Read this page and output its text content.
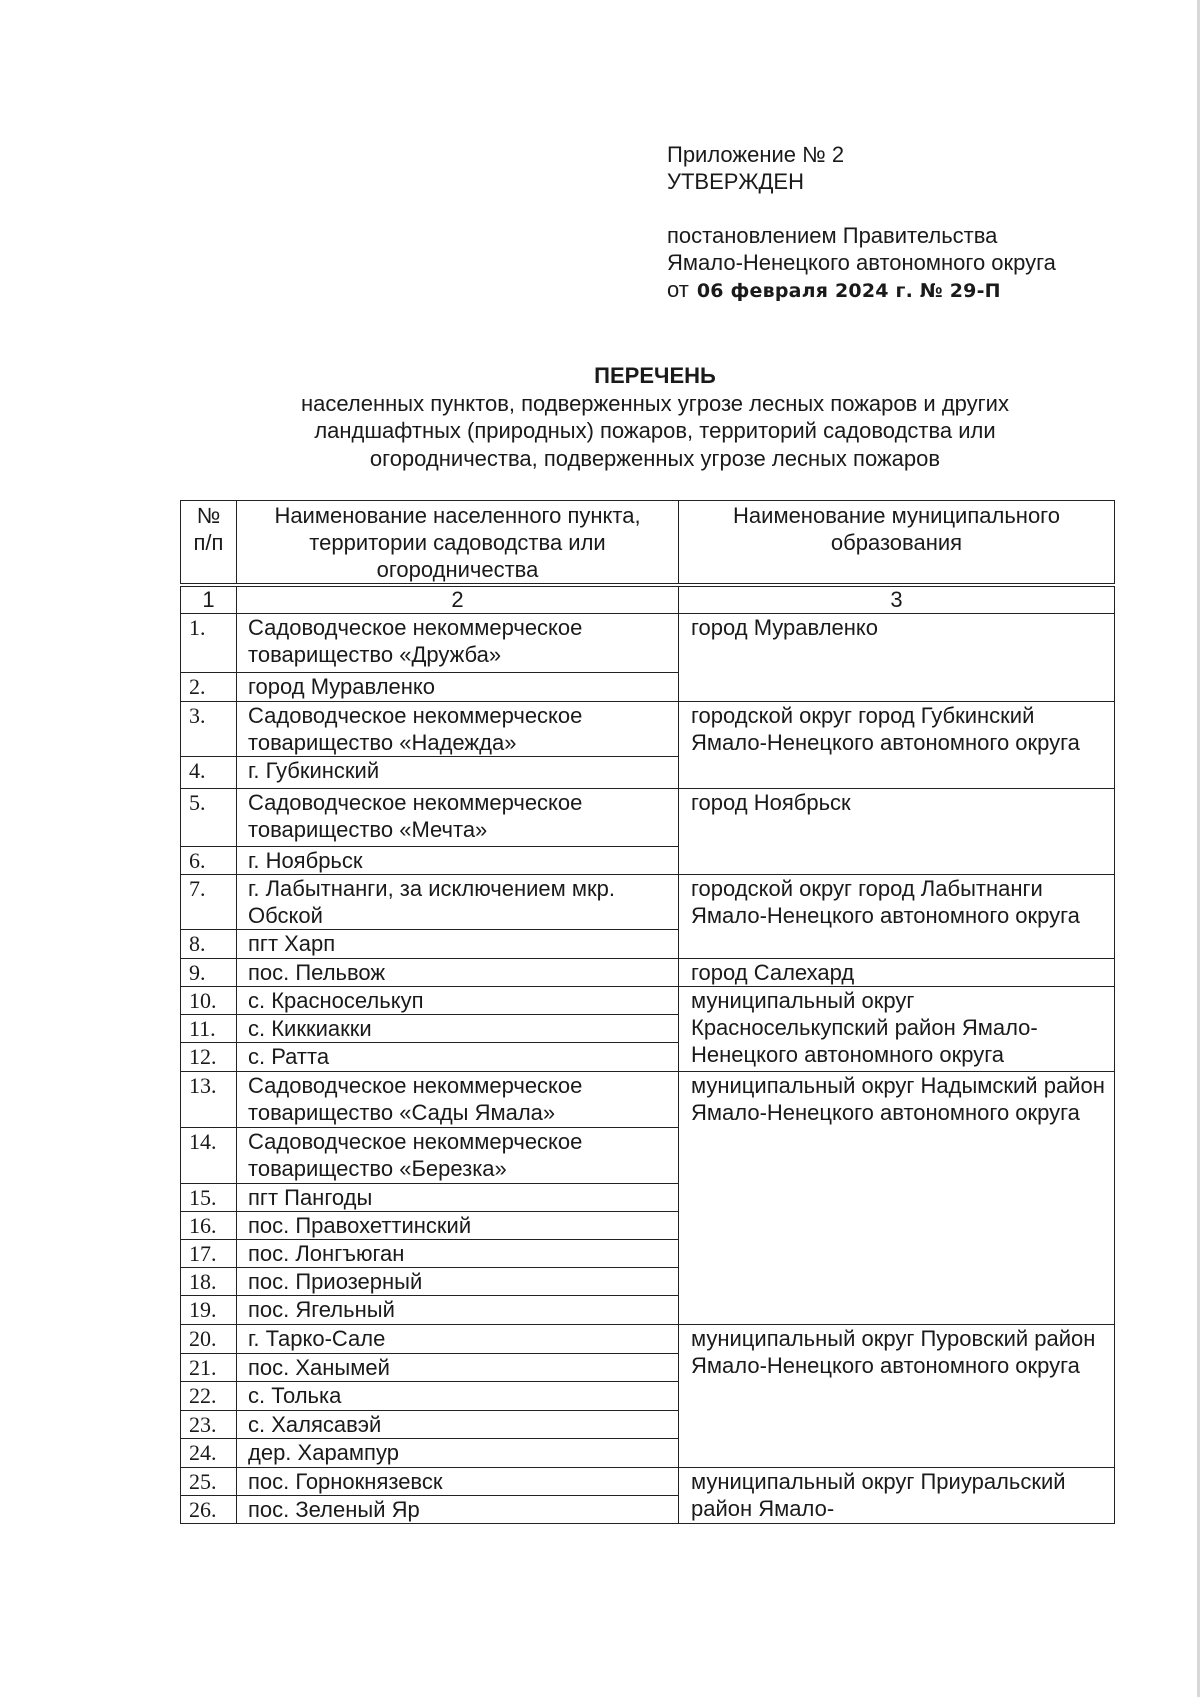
Приложение № 2
УТВЕРЖДЕН
постановлением Правительства
Ямало-Ненецкого автономного округа
от 06 февраля 2024 г. № 29-П
ПЕРЕЧЕНЬ
населенных пунктов, подверженных угрозе лесных пожаров и других
ландшафтных (природных) пожаров, территорий садоводства или
огородничества, подверженных угрозе лесных пожаров
№ п/п	Наименование населенного пункта, территории садоводства или огородничества	Наименование муниципального образования
1	2	3
1.	Садоводческое некоммерческое товарищество «Дружба»	город Муравленко
2.	город Муравленко	
3.	Садоводческое некоммерческое товарищество «Надежда»	городской округ город Губкинский Ямало-Ненецкого автономного округа
4.	г. Губкинский	
5.	Садоводческое некоммерческое товарищество «Мечта»	город Ноябрьск
6.	г. Ноябрьск	
7.	г. Лабытнанги, за исключением мкр. Обской	городской округ город Лабытнанги Ямало-Ненецкого автономного округа
8.	пгт Харп	
9.	пос. Пельвож	город Салехард
10.	с. Красноселькуп	муниципальный округ Красноселькупский район Ямало-Ненецкого автономного округа
11.	с. Киккиакки	
12.	с. Ратта	
13.	Садоводческое некоммерческое товарищество «Сады Ямала»	муниципальный округ Надымский район Ямало-Ненецкого автономного округа
14.	Садоводческое некоммерческое товарищество «Березка»	
15.	пгт Пангоды	
16.	пос. Правохеттинский	
17.	пос. Лонгъюган	
18.	пос. Приозерный	
19.	пос. Ягельный	
20.	г. Тарко-Сале	муниципальный округ Пуровский район Ямало-Ненецкого автономного округа
21.	пос. Ханымей	
22.	с. Толька	
23.	с. Халясавэй	
24.	дер. Харампур	
25.	пос. Горнокнязевск	муниципальный округ Приуральский район Ямало-
26.	пос. Зеленый Яр	
